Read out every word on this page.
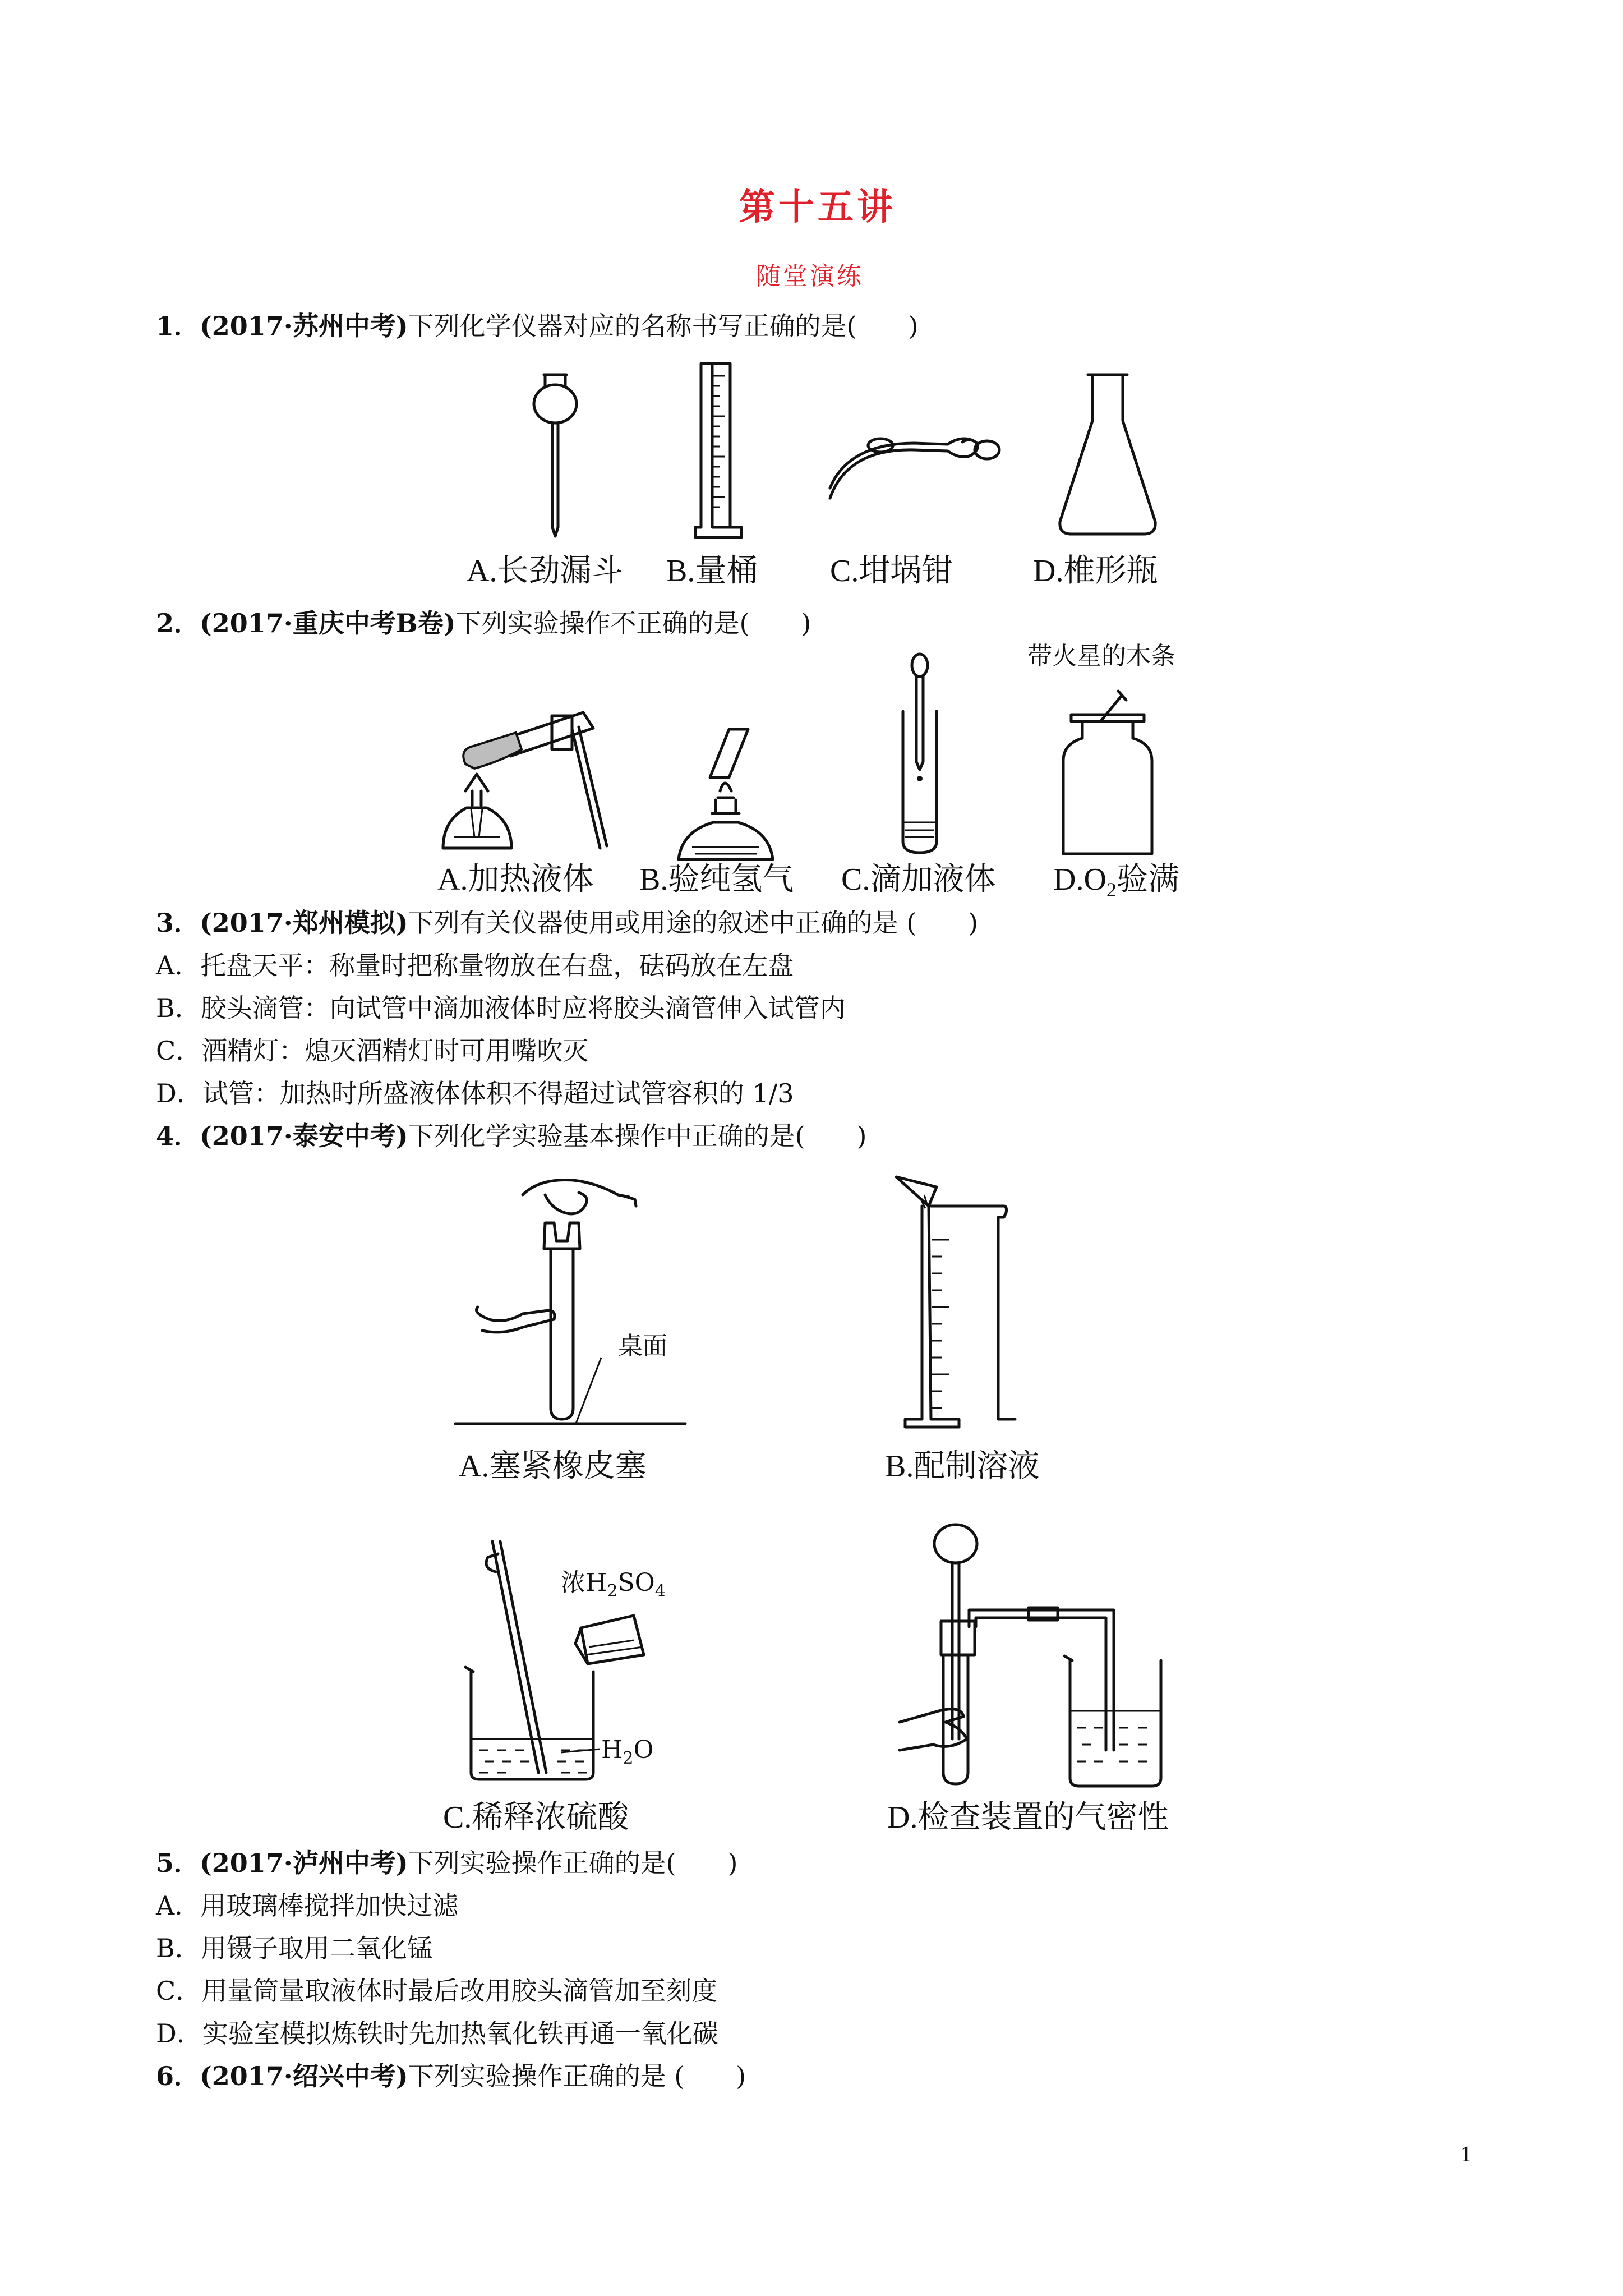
第十五讲
随堂演练
1．(2017·苏州中考)下列化学仪器对应的名称书写正确的是(　　)
A.长劲漏斗 B.量桶 C.坩埚钳	D.椎形瓶
2．(2017·重庆中考B卷)下列实验操作不正确的是(　　)
带火星的木条
A.加热液体 B.验纯氢气 C.滴加液体 $D.O_2$验满
3．(2017·郑州模拟)下列有关仪器使用或用途的叙述中正确的是 (　　)
A．托盘天平：称量时把称量物放在右盘，砝码放在左盘
B．胶头滴管：向试管中滴加液体时应将胶头滴管伸入试管内
C．酒精灯：熄灭酒精灯时可用嘴吹灭
D．试管：加热时所盛液体体积不得超过试管容积的 1/3
4．(2017·泰安中考)下列化学实验基本操作中正确的是(　　)
桌面
A.塞紧橡皮塞	B.配制溶液
浓$H_2SO_4$
$H_2O$
C.稀释浓硫酸	D.检查装置的气密性
5．(2017·泸州中考)下列实验操作正确的是(　　)
A．用玻璃棒搅拌加快过滤
B．用镊子取用二氧化锰
C．用量筒量取液体时最后改用胶头滴管加至刻度
D．实验室模拟炼铁时先加热氧化铁再通一氧化碳
6．(2017·绍兴中考)下列实验操作正确的是 (　　)
1
